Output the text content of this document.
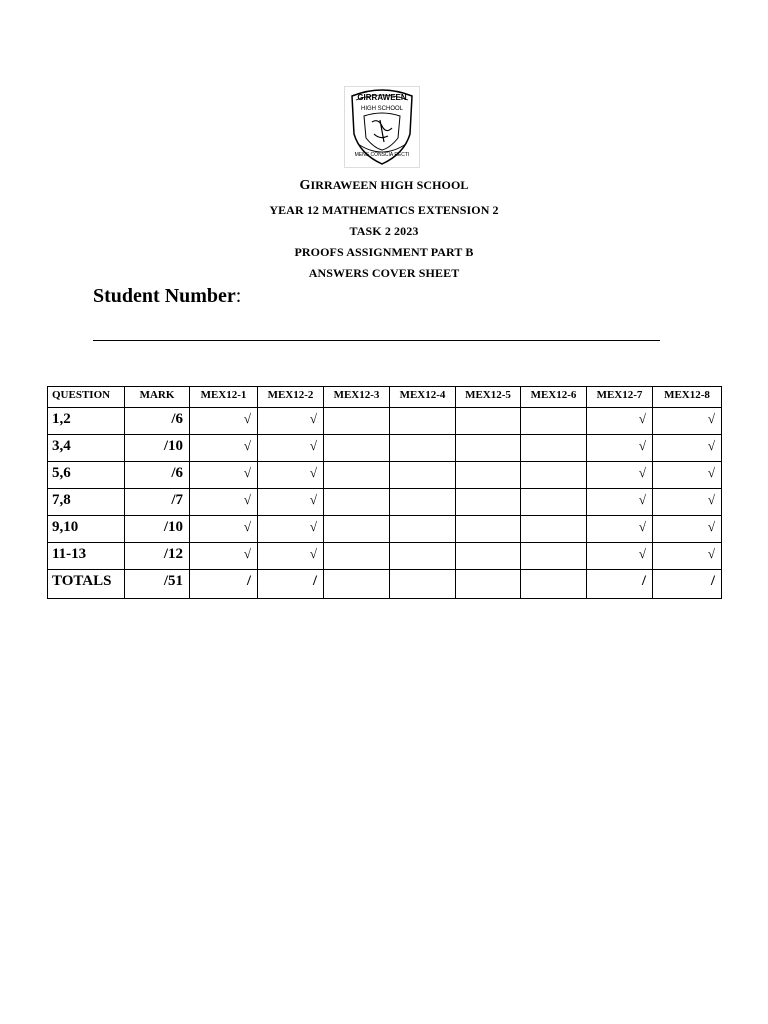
GIRRAWEEN
HIGH SCHOOL
MENS CONSCIA RECTI
GIRRAWEEN HIGH SCHOOL
YEAR 12 MATHEMATICS EXTENSION 2
TASK 2 2023
PROOFS ASSIGNMENT PART B
ANSWERS COVER SHEET
Student Number:
QUESTION	MARK	MEX12-1	MEX12-2	MEX12-3	MEX12-4	MEX12-5	MEX12-6	MEX12-7	MEX12-8
1,2	/6	√	√					√	√
3,4	/10	√	√					√	√
5,6	/6	√	√					√	√
7,8	/7	√	√					√	√
9,10	/10	√	√					√	√
11-13	/12	√	√					√	√
TOTALS	/51	/	/					/	/
